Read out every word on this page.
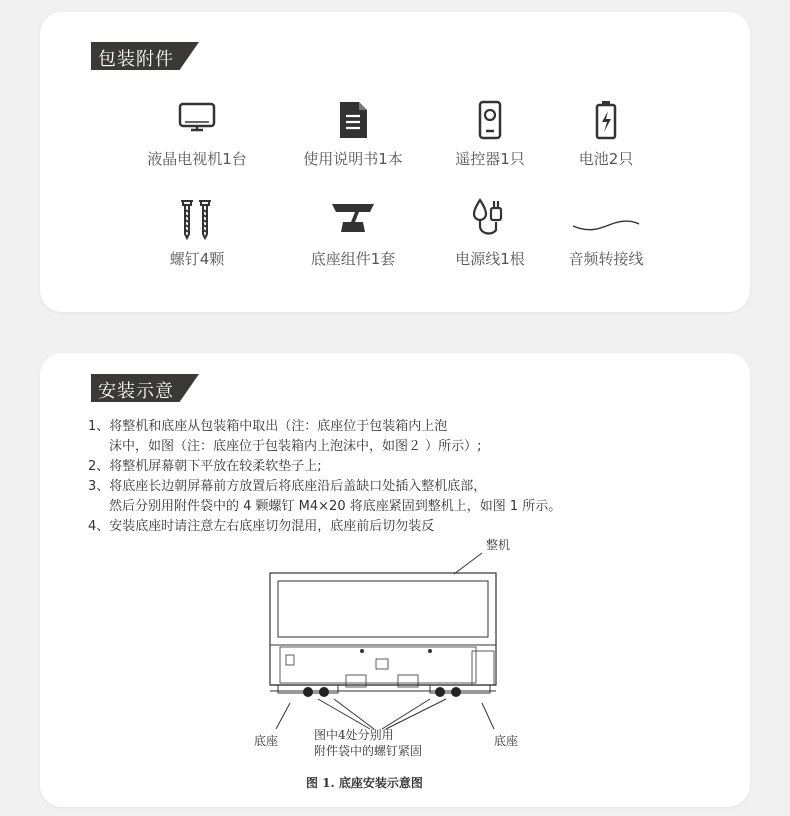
包装附件
液晶电视机1台	使用说明书1本	遥控器1只	电池2只
螺钉4颗	底座组件1套	电源线1根	音频转接线
安装示意
1、将整机和底座从包装箱中取出（注：底座位于包装箱内上泡
沫中，如图（注：底座位于包装箱内上泡沫中，如图２ ）所示）;
2、将整机屏幕朝下平放在较柔软垫子上;
3、将底座长边朝屏幕前方放置后将底座沿后盖缺口处插入整机底部，
然后分别用附件袋中的 4 颗螺钉 M4×20 将底座紧固到整机上，如图 1 所示。
4、安装底座时请注意左右底座切勿混用，底座前后切勿装反
整机
底座	底座
图中4处分别用
附件袋中的螺钉紧固
图 1. 底座安装示意图
